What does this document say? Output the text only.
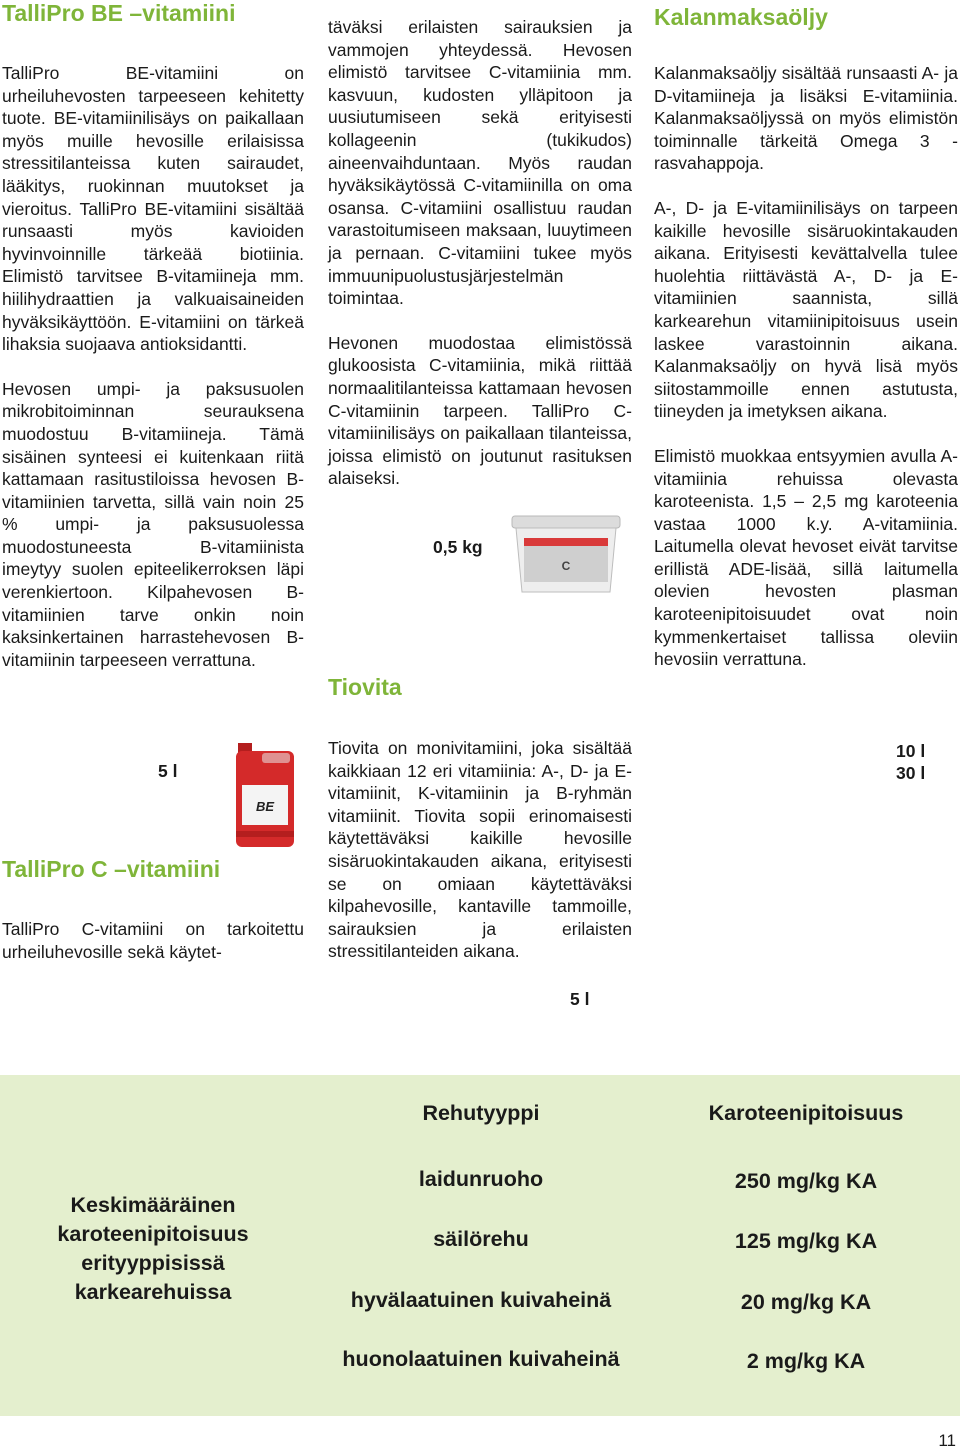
TalliPro BE –vitamiini

TalliPro BE-vitamiini on urheiluhevosten tarpeeseen kehitetty tuote. BE-vitamiinilisäys on paikallaan myös muille hevosille erilaisissa stressitilanteissa kuten sairaudet, lääkitys, ruokinnan muutokset ja vieroitus. TalliPro BE-vitamiini sisältää runsaasti myös kavioiden hyvinvoinnille tärkeää biotiinia. Elimistö tarvitsee B-vitamiineja mm. hiilihydraattien ja valkuaisaineiden hyväksikäyttöön. E-vitamiini on tärkeä lihaksia suojaava antioksidantti.

Hevosen umpi- ja paksusuolen mikrobitoiminnan seurauksena muodostuu B-vitamiineja. Tämä sisäinen synteesi ei kuitenkaan riitä kattamaan rasitustiloissa hevosen B-vitamiinien tarvetta, sillä vain noin 25 % umpi- ja paksusuolessa muodostuneesta B-vitamiinista imeytyy suolen epiteelikerroksen läpi verenkiertoon. Kilpahevosen B-vitamiinien tarve onkin noin kaksinkertainen harrastehevosen B-vitamiinin tarpeeseen verrattuna.

5 l
BE
TalliPro C –vitamiini

TalliPro C-vitamiini on tarkoitettu urheiluhevosille sekä käytet-

täväksi erilaisten sairauksien ja vammojen yhteydessä. Hevosen elimistö tarvitsee C-vitamiinia mm. kasvuun, kudosten ylläpitoon ja uusiutumiseen sekä erityisesti kollageenin (tukikudos) aineenvaihduntaan. Myös raudan hyväksikäytössä C-vitamiinilla on oma osansa. C-vitamiini osallistuu raudan varastoitumiseen maksaan, luuytimeen ja pernaan. C-vitamiini tukee myös immuunipuolustusjärjestelmän toimintaa.

Hevonen muodostaa elimistössä glukoosista C-vitamiinia, mikä riittää normaalitilanteissa kattamaan hevosen C-vitamiinin tarpeen. TalliPro C-vitamiinilisäys on paikallaan tilanteissa, joissa elimistö on joutunut rasituksen alaiseksi.

0,5 kg
C
Tiovita

Tiovita on monivitamiini, joka sisältää kaikkiaan 12 eri vitamiinia: A-, D- ja E-vitamiinit, K-vitamiinin ja B-ryhmän vitamiinit. Tiovita sopii erinomaisesti käytettäväksi kaikille hevosille sisäruokintakauden aikana, erityisesti se on omiaan käytettäväksi kilpahevosille, kantaville tammoille, sairauksien ja erilaisten stressitilanteiden aikana.

5 l
Kalanmaksaöljy

Kalanmaksaöljy sisältää runsaasti A- ja D-vitamiineja ja lisäksi E-vitamiinia. Kalanmaksaöljyssä on myös elimistön toiminnalle tärkeitä Omega 3 -rasvahappoja.

A-, D- ja E-vitamiinilisäys on tarpeen kaikille hevosille sisäruokintakauden aikana. Erityisesti kevättalvella tulee huolehtia riittävästä A-, D- ja E-vitamiinien saannista, sillä karkearehun vitamiinipitoisuus usein laskee varastoinnin aikana. Kalanmaksaöljy on hyvä lisä myös siitostammoille ennen astutusta, tiineyden ja imetyksen aikana.

Elimistö muokkaa entsyymien avulla A-vitamiinia rehuissa olevasta karoteenista. 1,5 – 2,5 mg karoteenia vastaa 1000 k.y. A-vitamiinia. Laitumella olevat hevoset eivät tarvitse erillistä ADE-lisää, sillä laitumella olevien hevosten plasman karoteenipitoisuudet ovat noin kymmenkertaiset tallissa oleviin hevosiin verrattuna.

10 l
30 l
Keskimääräinen karoteenipitoisuus erityyppisissä karkearehuissa
Rehutyyppi	Karoteenipitoisuus
laidunruoho	250 mg/kg KA
säilörehu	125 mg/kg KA
hyvälaatuinen kuivaheinä	20 mg/kg KA
huonolaatuinen kuivaheinä	2 mg/kg KA
11
